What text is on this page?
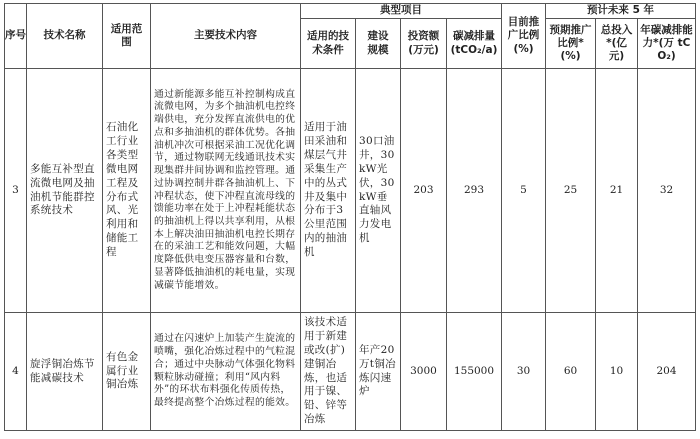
序号	技术名称	适用范围	主要技术内容	典型项目				目前推广比例(%)	预计未来 5 年		

				适用的技术条件	建设规模	投资额(万元)	碳减排量(tCO₂/a)		预期推广比例*(%)	总投入*(亿元)	年碳减排能力*(万 tCO₂)

3	多能互补型直流微电网及抽油机节能群控系统技术	石油化工行业各类型微电网工程及分布式风、光利用和储能工程	通过新能源多能互补控制构成直流微电网，为多个抽油机电控终端供电，充分发挥直流供电的优点和多抽油机的群体优势。各抽油机冲次可根据采油工况优化调节，通过物联网无线通讯技术实现集群井间协调和监控管理。通过协调控制井群各抽油机上、下冲程状态，使下冲程直流母线的馈能功率在处于上冲程耗能状态的抽油机上得以共享利用，从根本上解决油田抽油机电控长期存在的采油工艺和能效问题，大幅度降低供电变压器容量和台数，显著降低抽油机的耗电量，实现减碳节能增效。	适用于油田采油和煤层气井采集生产中的丛式井及集中分布于3公里范围内的抽油机	30口油井，30kW光伏，30kW垂直轴风力发电机	203	293	5	25	21	32
4	旋浮铜冶炼节能减碳技术	有色金属行业铜冶炼	通过在闪速炉上加装产生旋流的喷嘴，强化冶炼过程中的气粒混合；通过中央脉动气体强化物料颗粒脉动碰撞；利用“风内料外”的环状布料强化传质传热，最终提高整个冶炼过程的能效。	该技术适用于新建或改(扩)建铜冶炼，也适用于镍、铅、锌等冶炼	年产20万t铜冶炼闪速炉	3000	155000	30	60	10	204
